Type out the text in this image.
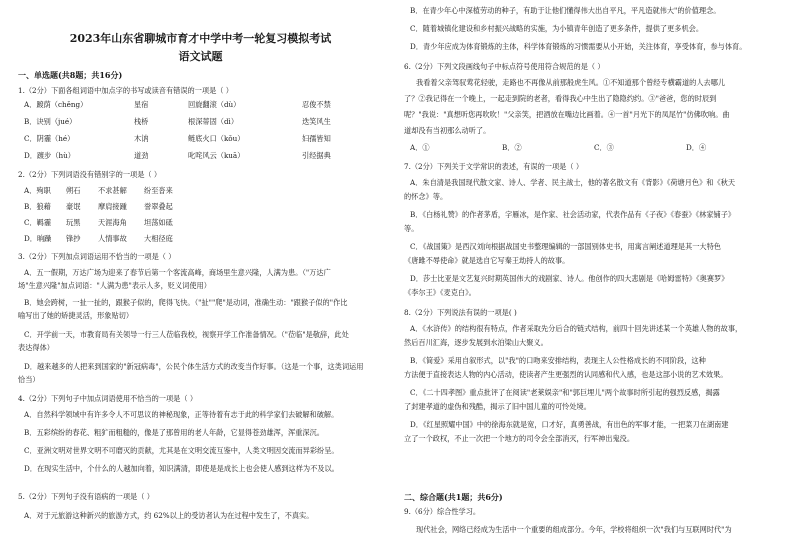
2023年山东省聊城市育才中学中考一轮复习模拟考试
语文试题
一、单选题(共8题；共16分)
1.（2分）下面各组词语中加点字的书写或读音有错误的一项是（ ）
A．踱荫（chěng）	星宿	回旋翻滚（dù）	忍俊不禁
B．诀别（jué）	栈桥	根深蒂固（dì）	迭笑风生
C．阴霾（hé）	木讷	鲢底火口（kǒu）	妇孺皆知
D．踱步（hù）	道劲	叱咤风云（kuā）	引经据典
2.（2分）下列词语没有错别字的一项是（ ）
A．殉职 朔石 不求甚解 纷至沓来
B．狼藉 豪氓 摩肩接踵 誉翠叠起
C．羁霾 玩黑 天涯海角 坦荡如砥
D．晌躁 锋抄 人情事故 大相径庭
3.（2分）下列加点词语运用不恰当的一项是（ ）
A．五一假期，万达广场为迎来了春节后第一个客流高峰，商场里生意兴隆，人满为患。（"万达广
场"生意兴隆"加点词语："人满为患"表示人多，贬义词使用）
B．她会跨树，一扯一扯的，跟猴子似的，爬得飞快。（"扯""爬"是动词，准确生动："跟猴子似的"作比
喻写出了她的矫捷灵活，形象贴切）
C．开学前一天，市教育局有关领导一行三人莅临我校，视察开学工作准备情况。（"莅临"是敬辞，此处
表达得体）
D．越来越多的人把来到国家的"新冠病毒"，公民个体生活方式的改变当作好事。（这是一个事，这类词运用
恰当）
4.（2分）下列句子中加点词语使用不恰当的一项是（ ）
A．自然科学领域中有许多令人不可思议的神秘现象，正等待着有志于此的科学家们去破解和破解。
B．五彩缤纷的春花、粗犷而粗糙的，像是了那曾用的老人年龄，它显得苍劲雄浑，浑重深沉。
C．亚洲文明对世界文明不可磨灭的贡献，尤其是在文明交流互鉴中，人类文明因交流而异彩纷呈。
D．在现实生活中，个什么的人越加向着，知识满清，即使是是成长上也会使人感到这样为不及以。
5.（2分）下列句子没有语病的一项是（ ）
A．对于元旅游这种新兴的旅游方式，约 62%以上的受访者认为在过程中发生了，不真实。
B．在青少年心中深植劳动的种子，有助于让他们懂得伟大出自平凡，平凡造就伟大"的价值理念。
C．随着城镇化建设和乡村振兴战略的实施，为小镇青年创造了更多条件，提供了更多机会。
D．青少年应成为体育锻炼的主体，科学体育锻炼的习惯需要从小开始，关注体育，享受体育，参与体育。
6.（2分）下列文段画线句子中标点符号使用符合规范的是（ ）
我看着父亲驾驭莺花轻驶，走路也不再像从前那般虎生风。①不知道那个曾经专横霸道的人去哪儿
了？②我记得在一个晚上，一起走到院的老者，看得我心中生出了隐隐约约。③"爸爸，您的时辰到
呢？"我说："真想听您再吹吹！"父亲笑，把酒放在嘴边比画着。④一首"月光下的凤尾竹"仿佛吹响。曲
道却没有当初那么动听了。
A．①	B．②	C．③	D．④
7.（2分）下列关于文学常识的表述，有误的一项是（ ）
A．朱自清是我国现代散文家、诗人、学者、民主战士，他的著名散文有《背影》《荷塘月色》和《秋天
的怀念》等。
B．《白杨礼赞》的作者茅盾，字雁冰，是作家、社会活动家，代表作品有《子夜》《春蚕》《林家铺子》
等。
C．《战国策》是西汉刘向根据战国史书整理编辑的一部国别体史书，用寓言阐述道理是其一大特色
《唐雎不辱使命》就是选自它写秦王劫持人的故事。
D．莎士比亚是文艺复兴时期英国伟大的戏剧家、诗人。他创作的四大悲剧是《哈姆雷特》《奥赛罗》
《李尔王》《麦克白》。
8.（2分）下列说法有误的一项是( )
A．《水浒传》的结构很有特点，作者采取先分后合的链式结构，前四十回先讲述某一个英雄人物的故事，
然后百川汇海，逐步发展到水泊梁山大聚义。
B．《简爱》采用自叙形式，以"我"的口吻来安排结构，表现主人公性格成长的不同阶段，这种
方法便于直接表达人物的内心活动，使读者产生更强烈的认同感和代入感，也是这部小说的艺术效果。
C．《二十四孝图》重点批评了在阅读"老莱娱亲"和"郭巨埋儿"两个故事时所引起的强烈反感，揭露
了封建孝道的虚伪和残酷，揭示了旧中国儿童的可怜处境。
D．《红星照耀中国》中的徐海东就是宽，口才好，真勇善战，有出色的军事才能，一把菜刀在湖南建
立了一个政权，不止一次把一个地方的司令会全部消灭，行军神出鬼没。
二、综合题(共1题；共6分)
9.（6分）综合性学习。
现代社会，网络已经成为生活中一个重要的组成部分。今年，学校将组织一次"我们与互联网时代"为
